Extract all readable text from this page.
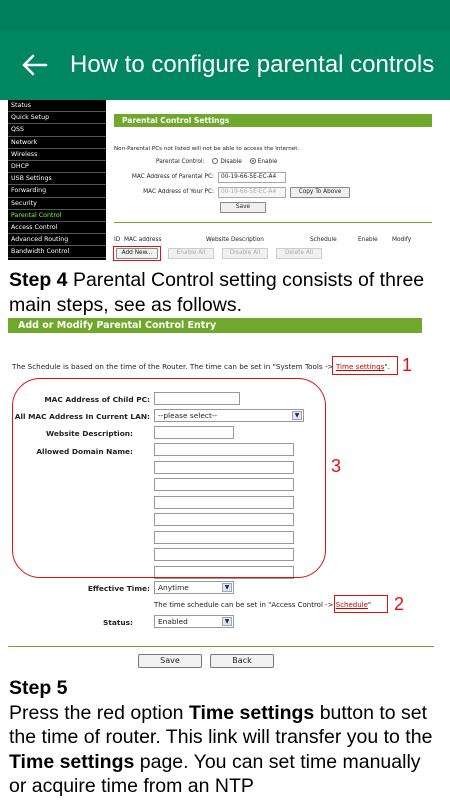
How to configure parental controls
Status
Quick Setup
QSS
Network
Wireless
DHCP
USB Settings
Forwarding
Security
Parental Control
Access Control
Advanced Routing
Bandwidth Control
Parental Control Settings
Non-Parental PCs not listed will not be able to access the Internet.
Parental Control:	Disable	Enable
MAC Address of Parental PC:	00-19-66-5E-EC-A4
MAC Address of Your PC:	00-19-66-5E-EC-A4	Copy To Above
Save
ID MAC address	Website Description	Schedule	Enable Modify
Add New...	Enable All	Disable All	Delete All
Step 4 Parental Control setting consists of three main steps, see as follows.
Add or Modify Parental Control Entry
The Schedule is based on the time of the Router. The time can be set in "System Tools -> Time settings". 1
MAC Address of Child PC:
All MAC Address In Current LAN:	--please select--	▼
Website Description:
Allowed Domain Name:
3
Effective Time:	Anytime	▼
The time schedule can be set in "Access Control -> Schedule" 2
Status:	Enabled	▼
Save	Back
Step 5
Press the red option Time settings button to set the time of router. This link will transfer you to the Time settings page. You can set time manually or acquire time from an NTP
